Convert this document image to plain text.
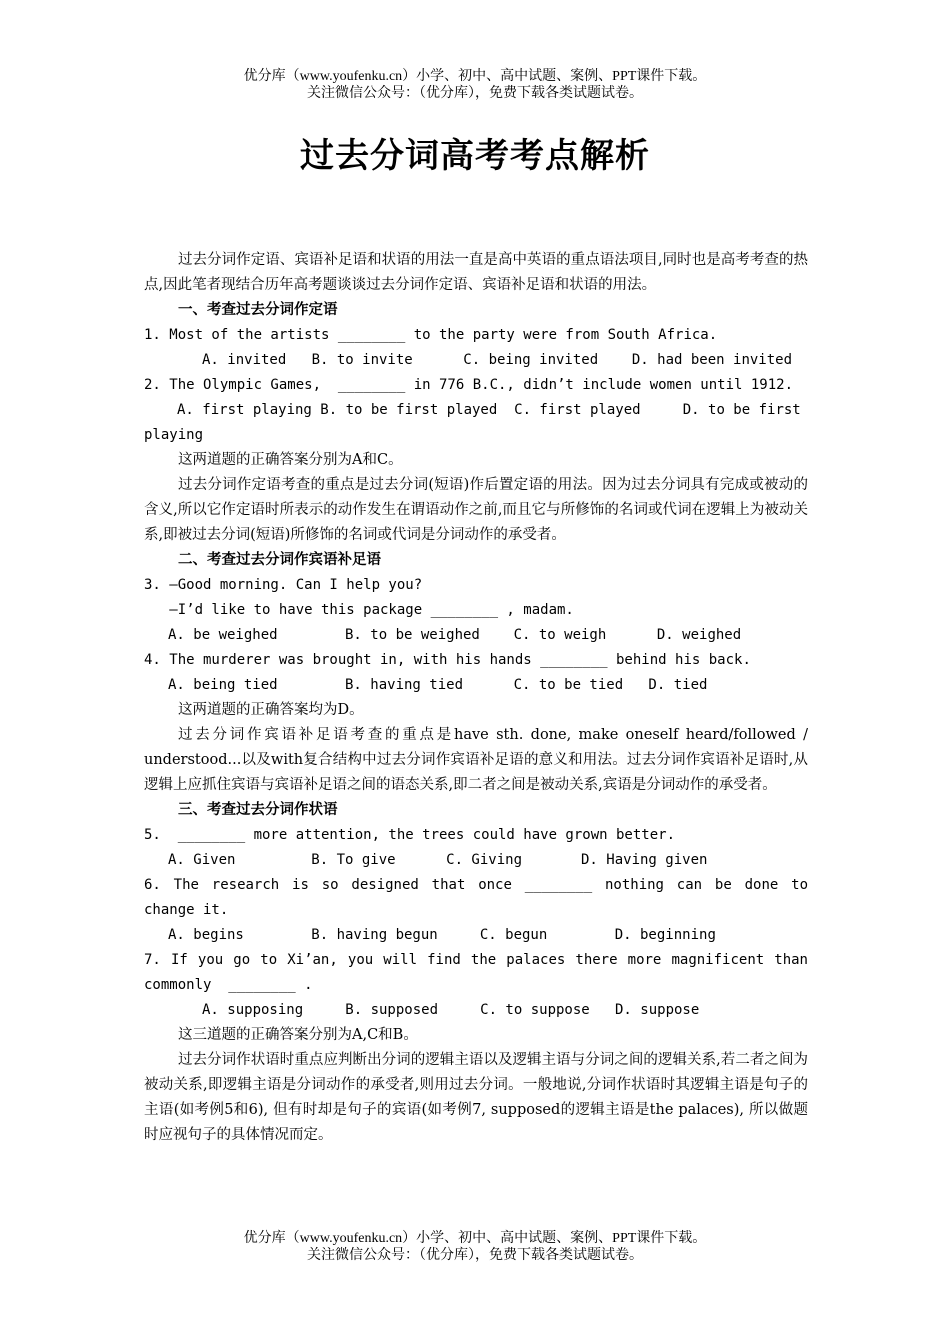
优分库（www.youfenku.cn）小学、初中、高中试题、案例、PPT课件下载。
关注微信公众号：（优分库），免费下载各类试题试卷。
过去分词高考考点解析

过去分词作定语、宾语补足语和状语的用法一直是高中英语的重点语法项目,同时也是高考考查的热点,因此笔者现结合历年高考题谈谈过去分词作定语、宾语补足语和状语的用法。

一、考查过去分词作定语

1. Most of the artists ________ to the party were from South Africa.

A. invited   B. to invite      C. being invited    D. had been invited

2. The Olympic Games,  ________ in 776 B.C., didn’t include women until 1912.

A. first playing B. to be first played  C. first played     D. to be first

playing

这两道题的正确答案分别为A和C。

过去分词作定语考查的重点是过去分词(短语)作后置定语的用法。因为过去分词具有完成或被动的含义,所以它作定语时所表示的动作发生在谓语动作之前,而且它与所修饰的名词或代词在逻辑上为被动关系,即被过去分词(短语)所修饰的名词或代词是分词动作的承受者。

二、考查过去分词作宾语补足语

3. —Good morning. Can I help you?

—I’d like to have this package ________ , madam.

A. be weighed        B. to be weighed    C. to weigh      D. weighed

4. The murderer was brought in, with his hands ________ behind his back.

A. being tied        B. having tied      C. to be tied   D. tied

这两道题的正确答案均为D。

过去分词作宾语补足语考查的重点是have sth. done, make oneself heard/followed / understood...以及with复合结构中过去分词作宾语补足语的意义和用法。过去分词作宾语补足语时,从逻辑上应抓住宾语与宾语补足语之间的语态关系,即二者之间是被动关系,宾语是分词动作的承受者。

三、考查过去分词作状语

5.  ________ more attention, the trees could have grown better.

A. Given         B. To give      C. Giving       D. Having given

6. The research is so designed that once ________ nothing can be done to change it.

A. begins        B. having begun     C. begun        D. beginning

7. If you go to Xi’an, you will find the palaces there more magnificent than commonly  ________ .

A. supposing     B. supposed     C. to suppose   D. suppose

这三道题的正确答案分别为A,C和B。

过去分词作状语时重点应判断出分词的逻辑主语以及逻辑主语与分词之间的逻辑关系,若二者之间为被动关系,即逻辑主语是分词动作的承受者,则用过去分词。一般地说,分词作状语时其逻辑主语是句子的主语(如考例5和6), 但有时却是句子的宾语(如考例7, supposed的逻辑主语是the palaces), 所以做题时应视句子的具体情况而定。

优分库（www.youfenku.cn）小学、初中、高中试题、案例、PPT课件下载。
关注微信公众号：（优分库），免费下载各类试题试卷。
